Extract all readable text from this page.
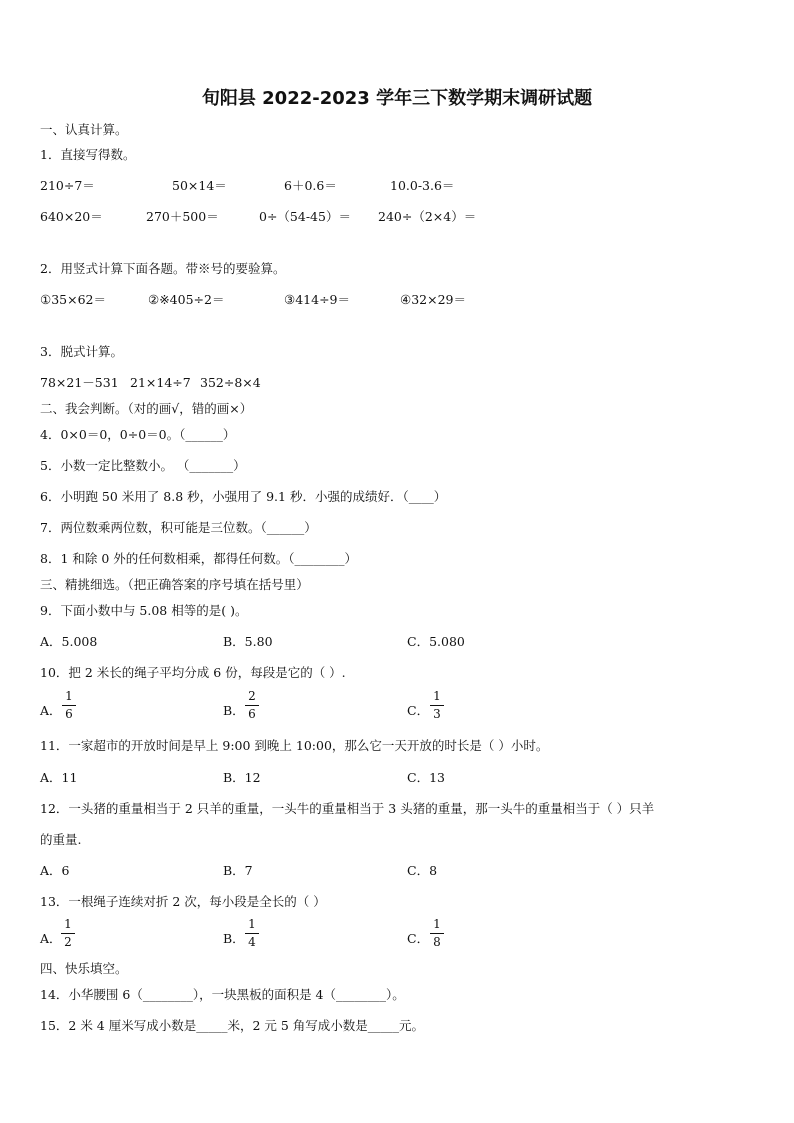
旬阳县 2022-2023 学年三下数学期末调研试题
一、认真计算。
1．直接写得数。
210÷7＝	50×14＝	6＋0.6＝	10.0-3.6＝
640×20＝	270＋500＝	0÷（54-45）＝ 240÷（2×4）＝
2．用竖式计算下面各题。带※号的要验算。
①35×62＝	②※405÷2＝	③414÷9＝	④32×29＝
3．脱式计算。
78×21－531 21×14÷7 352÷8×4
二、我会判断。（对的画√，错的画×）
4．0×0＝0，0÷0＝0。（______）
5．小数一定比整数小。 （_______）
6．小明跑 50 米用了 8.8 秒，小强用了 9.1 秒．小强的成绩好．（____）
7．两位数乘两位数，积可能是三位数。（______）
8．1 和除 0 外的任何数相乘，都得任何数。（________）
三、精挑细选。（把正确答案的序号填在括号里）
9．下面小数中与 5.08 相等的是( )。
A．5.008	B．5.80	C．5.080
10．把 2 米长的绳子平均分成 6 份，每段是它的（ ）.
A．
1
6	B．
2
6	C．
1
3
11．一家超市的开放时间是早上 9:00 到晚上 10:00，那么它一天开放的时长是（ ）小时。
A．11	B．12	C．13
12．一头猪的重量相当于 2 只羊的重量，一头牛的重量相当于 3 头猪的重量，那一头牛的重量相当于（ ）只羊
的重量.
A．6	B．7	C．8
13．一根绳子连续对折 2 次，每小段是全长的（ ）
A．
1
2	B．
1
4	C．
1
8
四、快乐填空。
14．小华腰围 6（________），一块黑板的面积是 4（________）。
15．2 米 4 厘米写成小数是_____米，2 元 5 角写成小数是_____元。
